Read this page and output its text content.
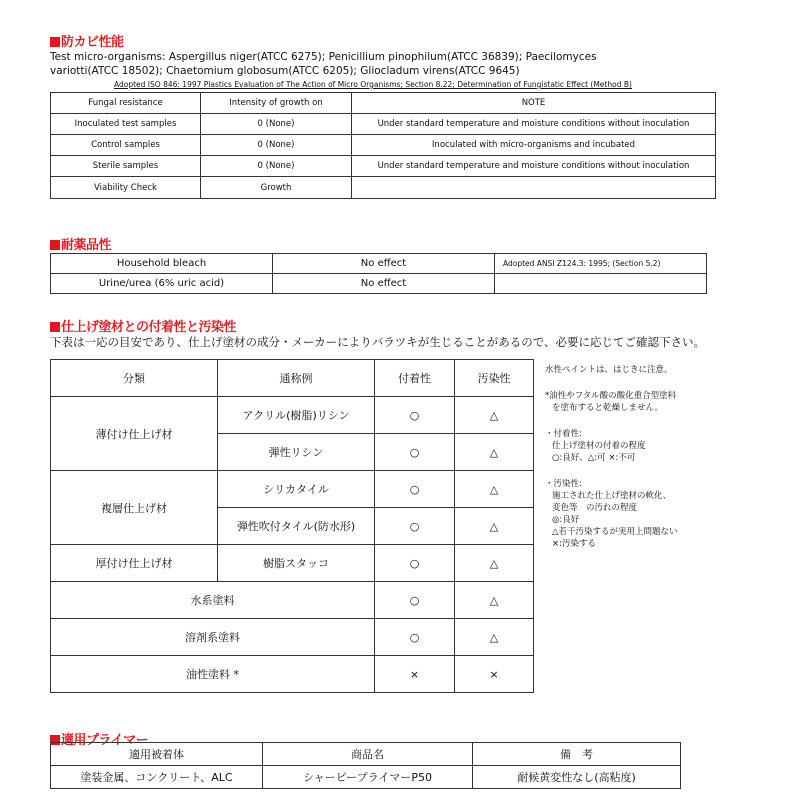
防カビ性能
Test micro-organisms: Aspergillus niger(ATCC 6275); Penicillium pinophilum(ATCC 36839); Paecilomyces
variotti(ATCC 18502); Chaetomium globosum(ATCC 6205); Gliocladum virens(ATCC 9645)
Adopted ISO 846: 1997 Plastics Evaluation of The Action of Micro Organisms; Section 8.22; Determination of Fungistatic Effect (Method B)
Fungal resistance	Intensity of growth on	NOTE
Inoculated test samples	0 (None)	Under standard temperature and moisture conditions without inoculation
Control samples	0 (None)	Inoculated with micro-organisms and incubated
Sterile samples	0 (None)	Under standard temperature and moisture conditions without inoculation
Viability Check	Growth	
耐薬品性
Household bleach	No effect	Adopted ANSI Z124.3: 1995; (Section 5.2)
Urine/urea (6% uric acid)	No effect	
仕上げ塗材との付着性と汚染性
下表は一応の目安であり、仕上げ塗材の成分・メーカーによりバラツキが生じることがあるので、必要に応じてご確認下さい。
分類	通称例	付着性	汚染性
薄付け仕上げ材	アクリル(樹脂)リシン	○	△
	弾性リシン	○	△
複層仕上げ材	シリカタイル	○	△
	弾性吹付タイル(防水形)	○	△
厚付け仕上げ材	樹脂スタッコ	○	△
水系塗料		○	△
溶剤系塗料		○	△
油性塗料 *		×	×
水性ペイントは、はじきに注意。
*油性やフタル酸の酸化重合型塗料
を塗布すると乾燥しません。
・付着性:
仕上げ塗材の付着の程度
○:良好、△:可 ×:不可
・汚染性:
施工された仕上げ塗材の軟化、
変色等　の汚れの程度
◎:良好
△若干汚染するが実用上問題ない
×:汚染する
適用プライマー
適用被着体	商品名	備　考
塗装金属、コンクリート、ALC	シャーピープライマーP50	耐候黄変性なし(高粘度)
